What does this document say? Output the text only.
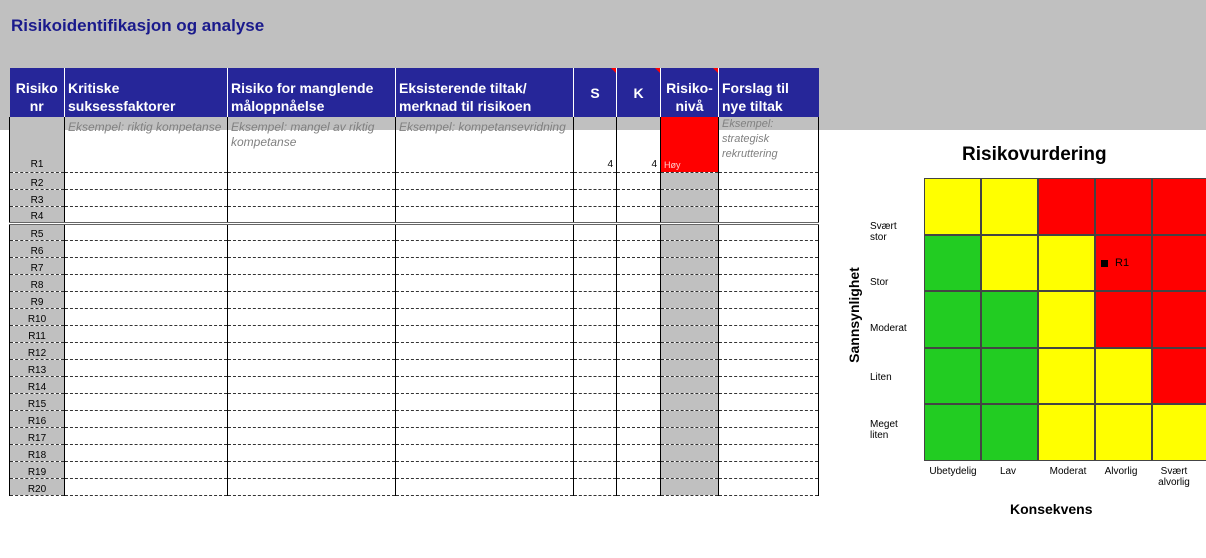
Risikoidentifikasjon og analyse
Risiko nr	Kritiske suksessfaktorer	Risiko for manglende måloppnåelse	Eksisterende tiltak/ merknad til risikoen	S	K	Risiko- nivå	Forslag til nye tiltak
R1	Eksempel: riktig kompetanse	Eksempel: mangel av riktig kompetanse	Eksempel: kompetansevridning	4	4	Høy	Eksempel: strategisk rekruttering

R2							
R3							
R4							
R5							
R6							
R7							
R8							
R9							
R10							
R11							
R12							
R13							
R14							
R15							
R16							
R17							
R18							
R19							
R20							
Risikovurdering
R1
Svært stor
Stor
Moderat
Liten
Meget liten
Ubetydelig	Lav	Moderat	Alvorlig	Svært alvorlig
Sannsynlighet
Konsekvens
